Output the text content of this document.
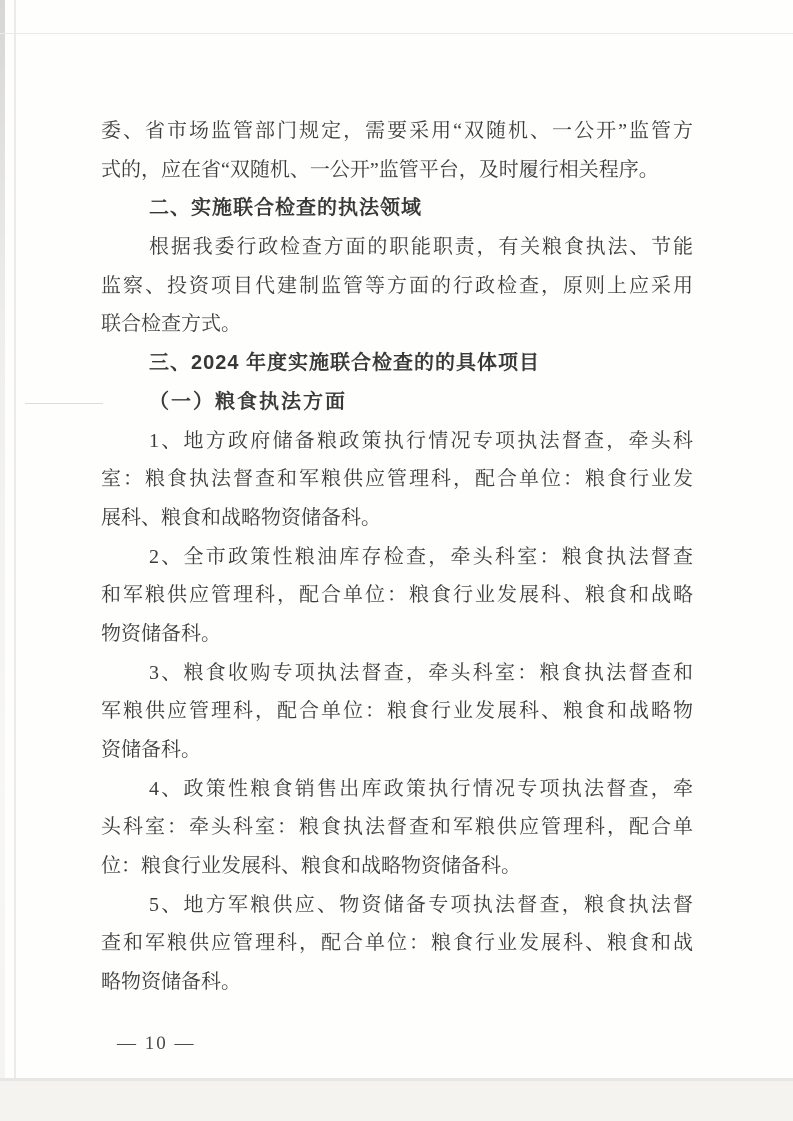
委、省市场监管部门规定，需要采用“双随机、一公开”监管方
式的，应在省“双随机、一公开”监管平台，及时履行相关程序。
二、实施联合检查的执法领域
根据我委行政检查方面的职能职责，有关粮食执法、节能
监察、投资项目代建制监管等方面的行政检查，原则上应采用
联合检查方式。
三、2024 年度实施联合检查的的具体项目
（一）粮食执法方面
1、地方政府储备粮政策执行情况专项执法督查，牵头科
室：粮食执法督查和军粮供应管理科，配合单位：粮食行业发
展科、粮食和战略物资储备科。
2、全市政策性粮油库存检查，牵头科室：粮食执法督查
和军粮供应管理科，配合单位：粮食行业发展科、粮食和战略
物资储备科。
3、粮食收购专项执法督查，牵头科室：粮食执法督查和
军粮供应管理科，配合单位：粮食行业发展科、粮食和战略物
资储备科。
4、政策性粮食销售出库政策执行情况专项执法督查，牵
头科室：牵头科室：粮食执法督查和军粮供应管理科，配合单
位：粮食行业发展科、粮食和战略物资储备科。
5、地方军粮供应、物资储备专项执法督查，粮食执法督
查和军粮供应管理科，配合单位：粮食行业发展科、粮食和战
略物资储备科。
— 10 —
